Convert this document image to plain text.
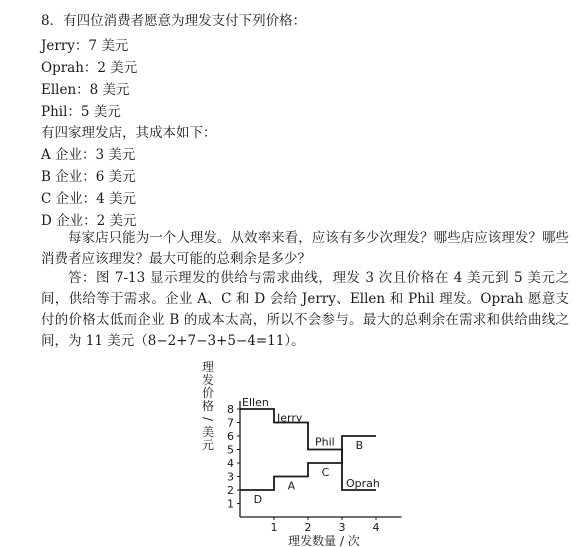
8．有四位消费者愿意为理发支付下列价格：
Jerry：7 美元
Oprah：2 美元
Ellen：8 美元
Phil：5 美元
有四家理发店，其成本如下：
A 企业：3 美元
B 企业：6 美元
C 企业：4 美元
D 企业：2 美元
每家店只能为一个人理发。从效率来看，应该有多少次理发？哪些店应该理发？哪些消费者应该理发？最大可能的总剩余是多少？
答：图 7-13 显示理发的供给与需求曲线，理发 3 次且价格在 4 美元到 5 美元之间，供给等于需求。企业 A、C 和 D 会给 Jerry、Ellen 和 Phil 理发。Oprah 愿意支付的价格太低而企业 B 的成本太高，所以不会参与。最大的总剩余在需求和供给曲线之间，为 11 美元（8−2+7−3+5−4=11）。
1
2
3
4
5
6
7
8
1 2 3 4
理
发
价
格
/
美
元
理发数量 / 次
Ellen
Jerry
Phil
Oprah
D
A
C
B
